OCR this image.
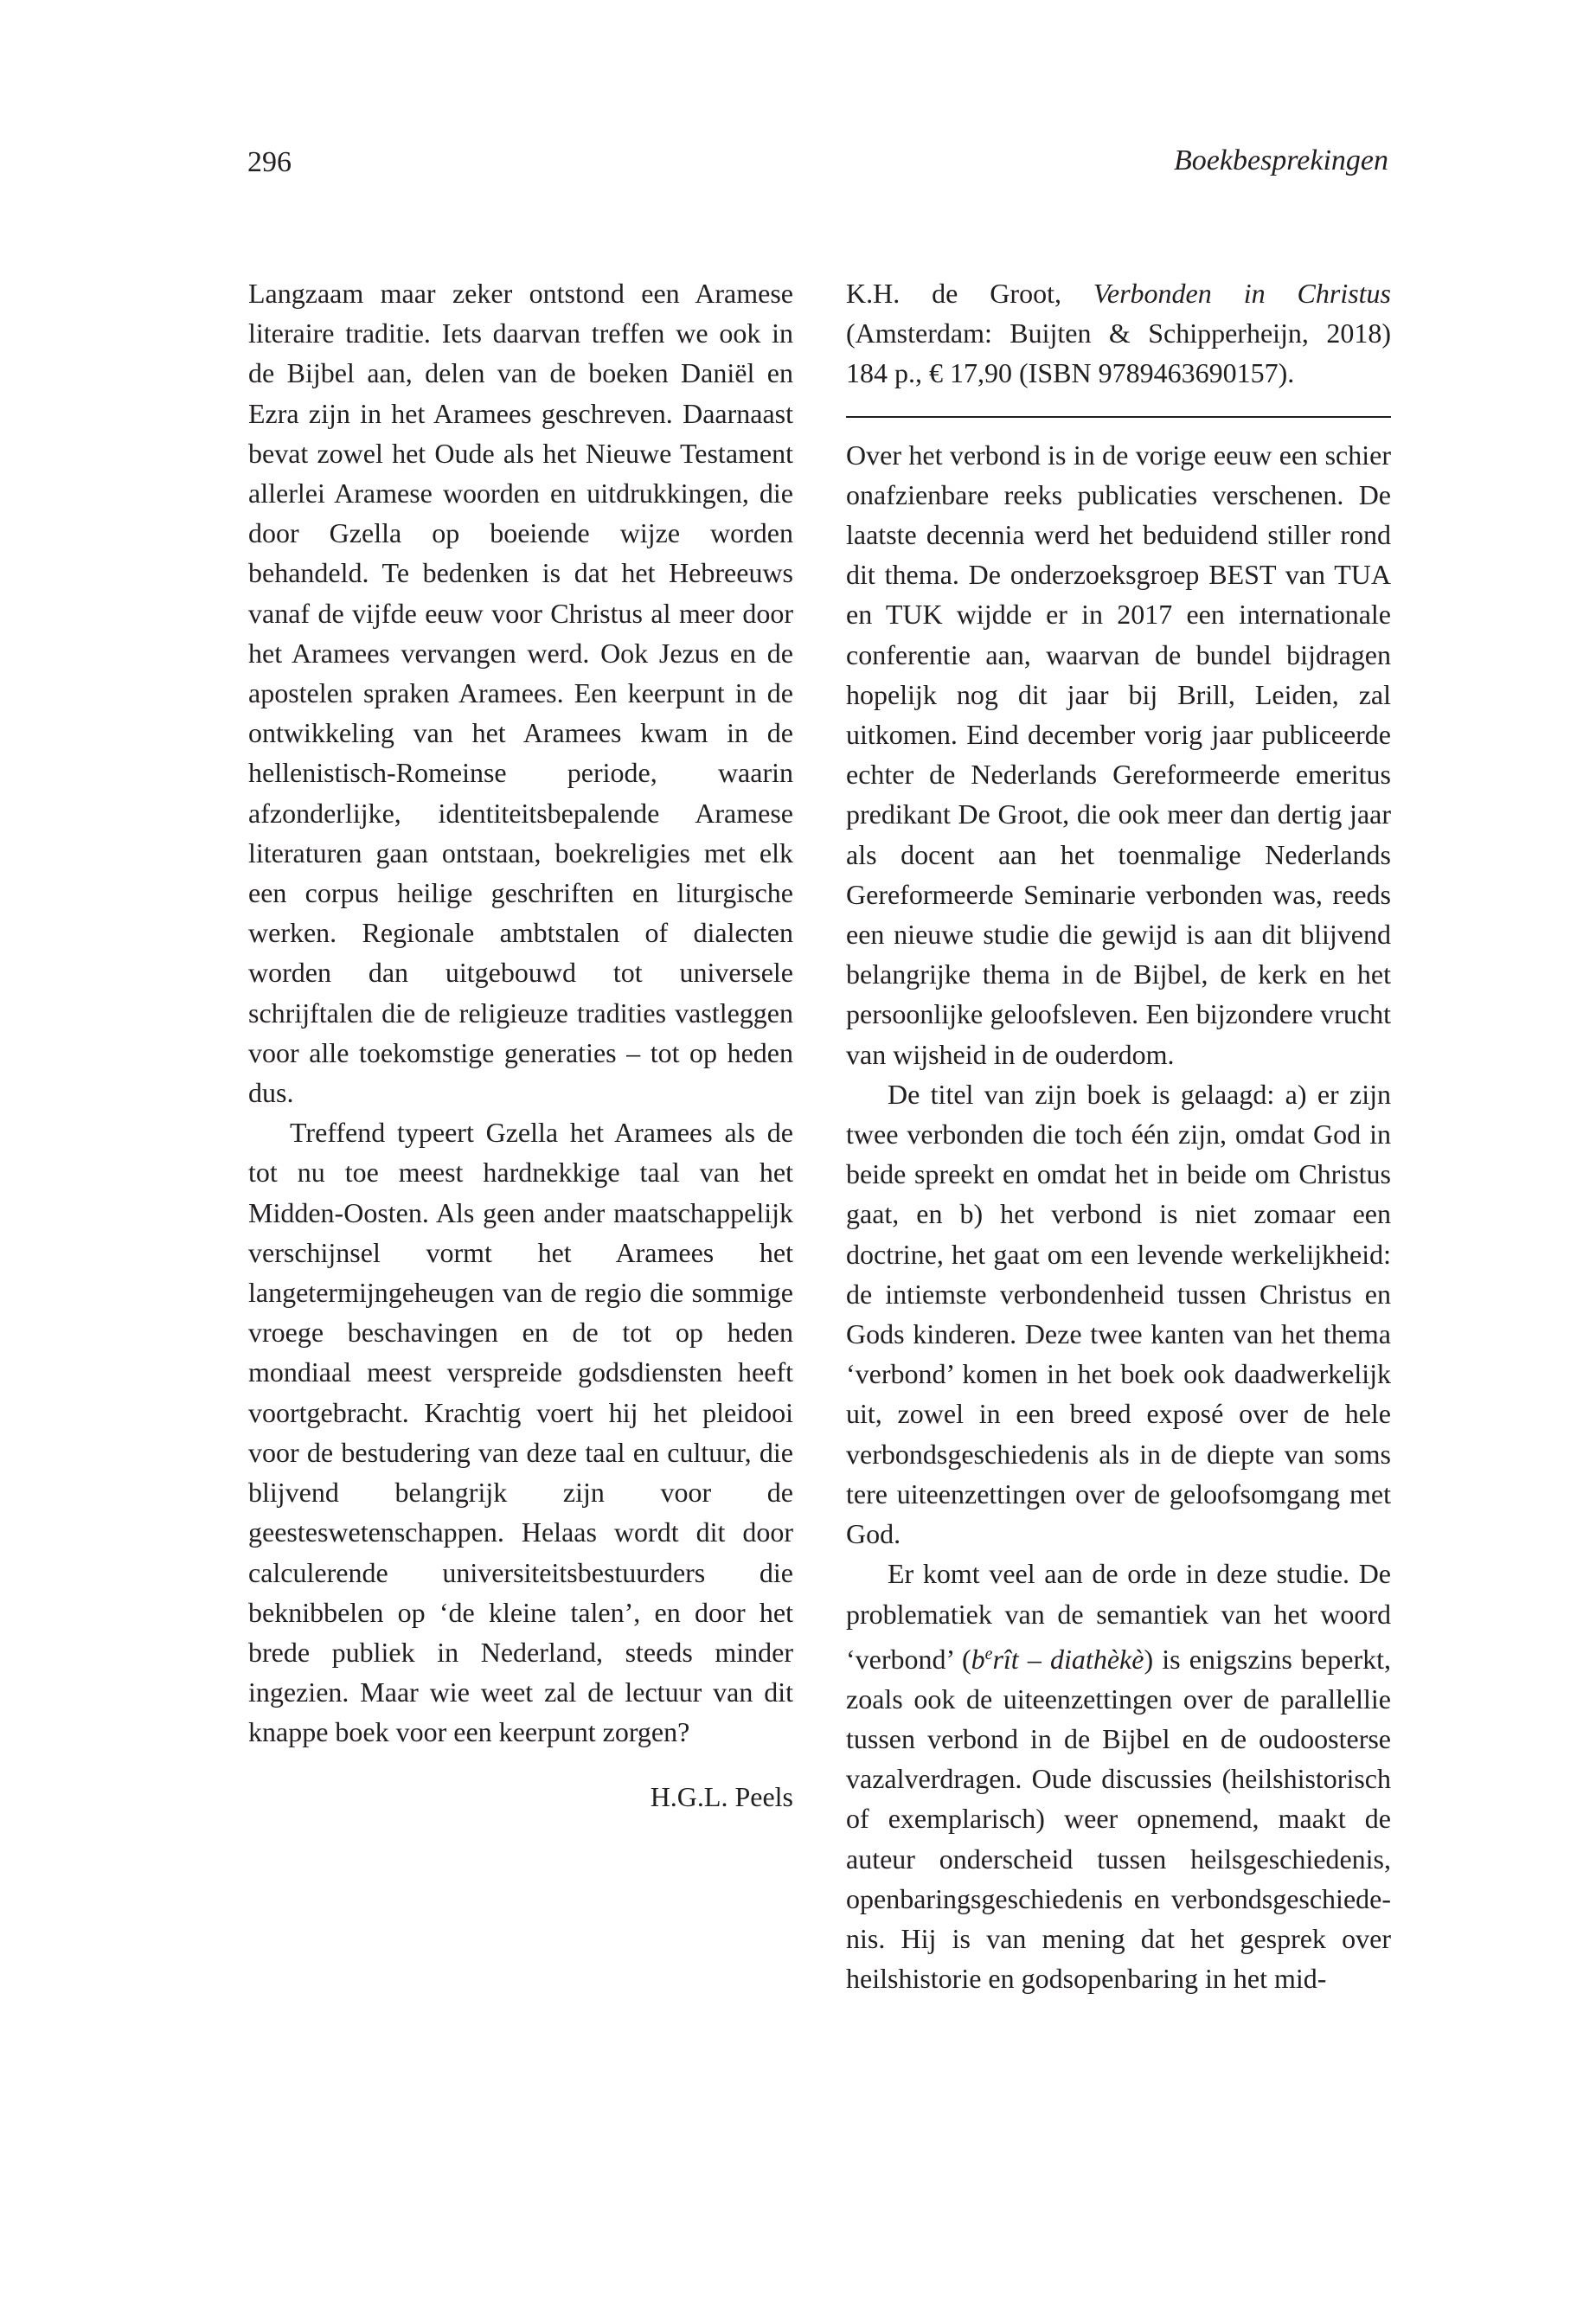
296	Boekbesprekingen

Langzaam maar zeker ontstond een Aramese literaire traditie. Iets daarvan treffen we ook in de Bijbel aan, delen van de boeken Daniël en Ezra zijn in het Aramees geschreven. Daarnaast bevat zowel het Oude als het Nieuwe Testament allerlei Aramese woorden en uitdrukkingen, die door Gzella op boeiende wijze worden behandeld. Te bedenken is dat het Hebreeuws vanaf de vijfde eeuw voor Christus al meer door het Aramees vervangen werd. Ook Jezus en de apostelen spraken Aramees. Een keerpunt in de ontwikkeling van het Aramees kwam in de hellenistisch-Romeinse periode, waarin afzonderlijke, identiteitsbepalende Aramese literaturen gaan ontstaan, boekreligies met elk een corpus heilige geschriften en liturgische werken. Regionale ambtstalen of dialecten worden dan uitgebouwd tot universele schrijftalen die de religieuze tradities vastleggen voor alle toekomstige generaties – tot op heden dus.

Treffend typeert Gzella het Aramees als de tot nu toe meest hardnekkige taal van het Midden-Oosten. Als geen ander maatschappelijk verschijnsel vormt het Aramees het langetermijngeheugen van de regio die sommige vroege beschavingen en de tot op heden mondiaal meest verspreide godsdiensten heeft voortgebracht. Krachtig voert hij het pleidooi voor de bestudering van deze taal en cultuur, die blijvend belangrijk zijn voor de geesteswetenschappen. Helaas wordt dit door calculerende universiteitsbestuurders die beknibbelen op ‘de kleine talen’, en door het brede publiek in Nederland, steeds minder ingezien. Maar wie weet zal de lectuur van dit knappe boek voor een keerpunt zorgen?

H.G.L. Peels

K.H. de Groot, Verbonden in Christus (Amsterdam: Buijten & Schipperheijn, 2018) 184 p., € 17,90 (ISBN 9789463690157).

Over het verbond is in de vorige eeuw een schier onafzienbare reeks publicaties verschenen. De laatste decennia werd het beduidend stiller rond dit thema. De onderzoeksgroep BEST van TUA en TUK wijdde er in 2017 een internationale conferentie aan, waarvan de bundel bijdragen hopelijk nog dit jaar bij Brill, Leiden, zal uitkomen. Eind december vorig jaar publiceerde echter de Nederlands Gereformeerde emeritus predikant De Groot, die ook meer dan dertig jaar als docent aan het toenmalige Nederlands Gereformeerde Seminarie verbonden was, reeds een nieuwe studie die gewijd is aan dit blijvend belangrijke thema in de Bijbel, de kerk en het persoonlijke geloofsleven. Een bijzondere vrucht van wijsheid in de ouderdom.

De titel van zijn boek is gelaagd: a) er zijn twee verbonden die toch één zijn, omdat God in beide spreekt en omdat het in beide om Christus gaat, en b) het verbond is niet zomaar een doctrine, het gaat om een levende werkelijkheid: de intiemste verbondenheid tussen Christus en Gods kinderen. Deze twee kanten van het thema ‘verbond’ komen in het boek ook daadwerkelijk uit, zowel in een breed exposé over de hele verbondsgeschiedenis als in de diepte van soms tere uiteenzettingen over de geloofsomgang met God.

Er komt veel aan de orde in deze studie. De problematiek van de semantiek van het woord ‘verbond’ ($b^erît$ – diathèkè) is enigszins beperkt, zoals ook de uiteenzettingen over de parallellie tussen verbond in de Bijbel en de oudoosterse vazalverdragen. Oude discussies (heilshistorisch of exemplarisch) weer opnemend, maakt de auteur onderscheid tussen heilsgeschiedenis, openbaringsgeschiedenis en verbondsgeschiedenis. Hij is van mening dat het gesprek over heilshistorie en godsopenbaring in het mid-
